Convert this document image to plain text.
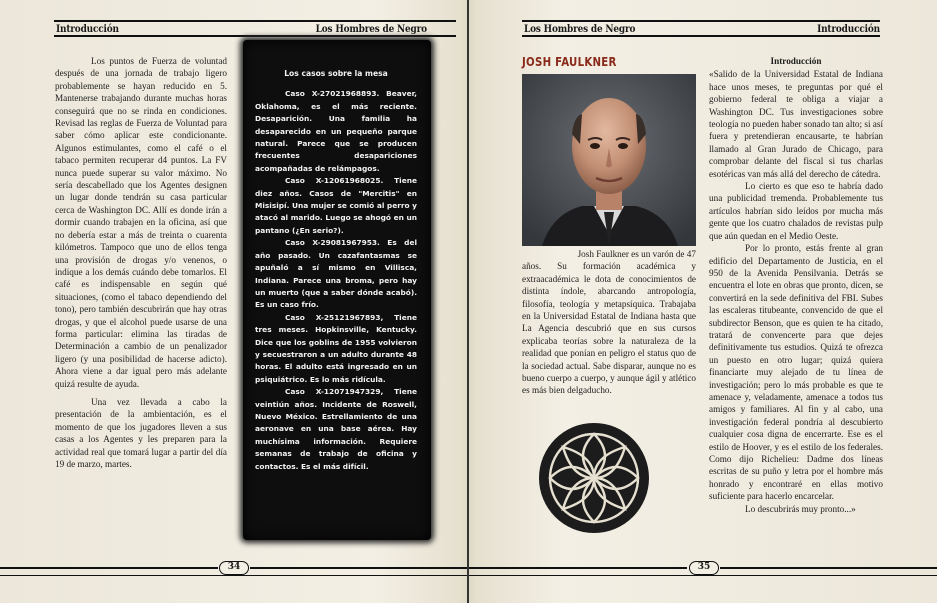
Introducción	Los Hombres de Negro	Los Hombres de Negro	Introducción

Los puntos de Fuerza de voluntad después de una jornada de trabajo ligero probablemente se hayan reducido en 5. Mantenerse trabajando durante muchas horas conseguirá que no se rinda en condiciones. Revisad las reglas de Fuerza de Voluntad para saber cómo aplicar este condicionante. Algunos estimulantes, como el café o el tabaco permiten recuperar d4 puntos. La FV nunca puede superar su valor máximo. No sería descabellado que los Agentes designen un lugar donde tendrán su casa particular cerca de Washington DC. Allí es donde irán a dormir cuando trabajen en la oficina, así que no debería estar a más de treinta o cuarenta kilómetros. Tampoco que uno de ellos tenga una provisión de drogas y/o venenos, o indique a los demás cuándo debe tomarlos. El café es indispensable en según qué situaciones, (como el tabaco dependiendo del tono), pero también descubrirán que hay otras drogas, y que el alcohol puede usarse de una forma particular: elimina las tiradas de Determinación a cambio de un penalizador ligero (y una posibilidad de hacerse adicto). Ahora viene a dar igual pero más adelante quizá resulte de ayuda.

Una vez llevada a cabo la presentación de la ambientación, es el momento de que los jugadores lleven a sus casas a los Agentes y les preparen para la actividad real que tomará lugar a partir del día 19 de marzo, martes.

Los casos sobre la mesa

Caso X-27021968893. Beaver, Oklahoma, es el más reciente. Desaparición. Una familia ha desaparecido en un pequeño parque natural. Parece que se producen frecuentes desapariciones acompañadas de relámpagos.

Caso X-12061968025. Tiene diez años. Casos de "Mercitis" en Misisipí. Una mujer se comió al perro y atacó al marido. Luego se ahogó en un pantano (¿En serio?).

Caso X-29081967953. Es del año pasado. Un cazafantasmas se apuñaló a sí mismo en Villisca, Indiana. Parece una broma, pero hay un muerto (que a saber dónde acabó). Es un caso frío.

Caso X-25121967893, Tiene tres meses. Hopkinsville, Kentucky. Dice que los goblins de 1955 volvieron y secuestraron a un adulto durante 48 horas. El adulto está ingresado en un psiquiátrico. Es lo más ridícula.

Caso X-12071947329, Tiene veintiún años. Incidente de Roswell, Nuevo México. Estrellamiento de una aeronave en una base aérea. Hay muchísima información. Requiere semanas de trabajo de oficina y contactos. Es el más difícil.

JOSH FAULKNER
Josh Faulkner es un varón de 47
años. Su formación académica y extraacadémica le dota de conocimientos de distinta índole, abarcando antropología, filosofía, teología y metapsíquica. Trabajaba en la Universidad Estatal de Indiana hasta que La Agencia descubrió que en sus cursos explicaba teorías sobre la naturaleza de la realidad que ponían en peligro el status quo de la sociedad actual. Sabe disparar, aunque no es bueno cuerpo a cuerpo, y aunque ágil y atlético es más bien delgaducho.
Introducción

«Salido de la Universidad Estatal de Indiana hace unos meses, te preguntas por qué el gobierno federal te obliga a viajar a Washington DC. Tus investigaciones sobre teología no pueden haber sonado tan alto; si así fuera y pretendieran encausarte, te habrían llamado al Gran Jurado de Chicago, para comprobar delante del fiscal si tus charlas esotéricas van más allá del derecho de cátedra.

Lo cierto es que eso te habría dado una publicidad tremenda. Probablemente tus artículos habrían sido leídos por mucha más gente que los cuatro chalados de revistas pulp que aún quedan en el Medio Oeste.

Por lo pronto, estás frente al gran edificio del Departamento de Justicia, en el 950 de la Avenida Pensilvania. Detrás se encuentra el lote en obras que pronto, dicen, se convertirá en la sede definitiva del FBI. Subes las escaleras titubeante, convencido de que el subdirector Benson, que es quien te ha citado, tratará de convencerte para que dejes definitivamente tus estudios. Quizá te ofrezca un puesto en otro lugar; quizá quiera financiarte muy alejado de tu línea de investigación; pero lo más probable es que te amenace y, veladamente, amenace a todos tus amigos y familiares. Al fin y al cabo, una investigación federal pondría al descubierto cualquier cosa digna de encerrarte. Ese es el estilo de Hoover, y es el estilo de los federales. Como dijo Richelieu: Dadme dos líneas escritas de su puño y letra por el hombre más honrado y encontraré en ellas motivo suficiente para hacerlo encarcelar.

Lo descubrirás muy pronto...»

34	35
